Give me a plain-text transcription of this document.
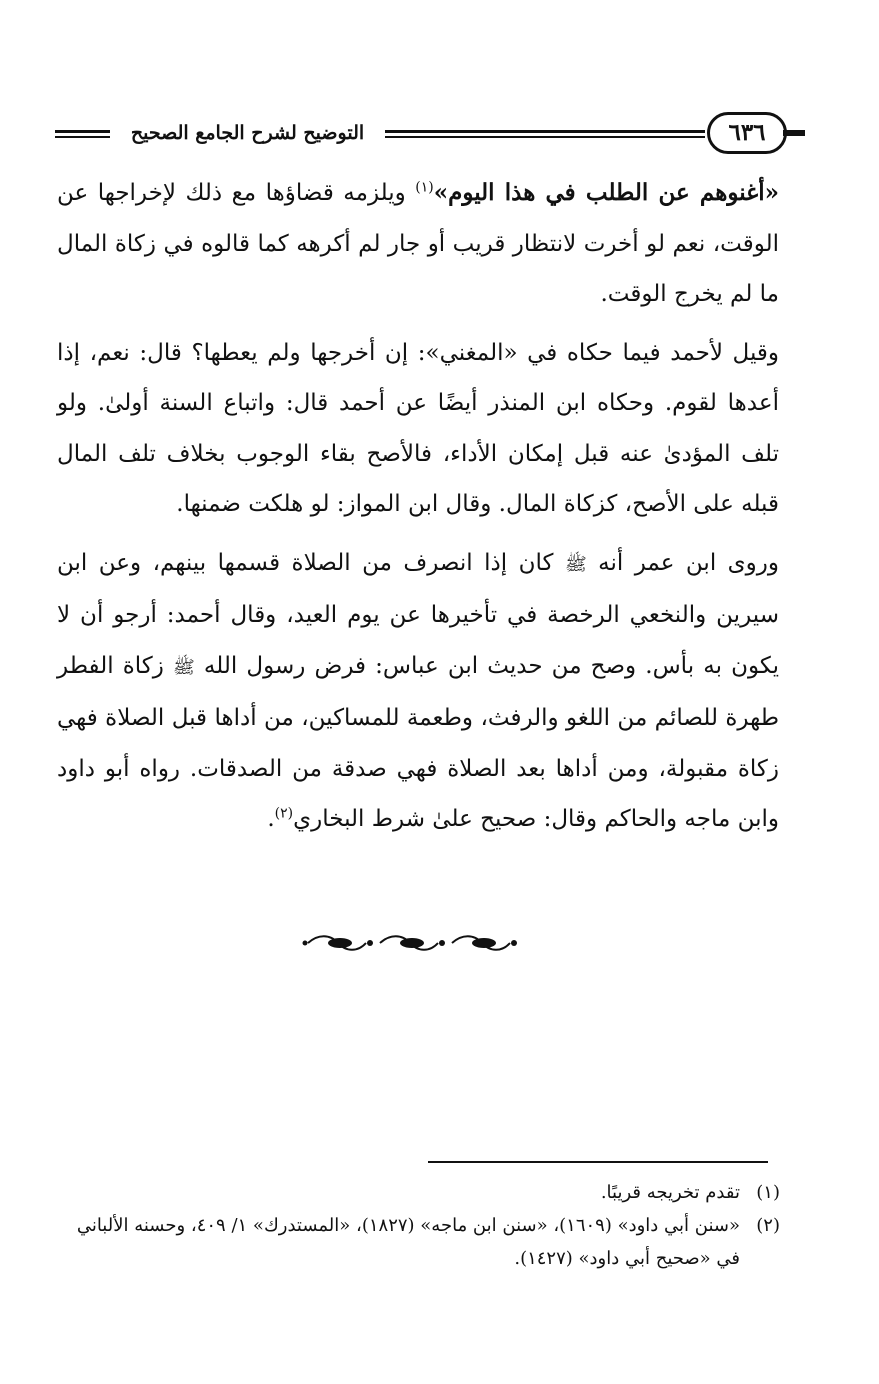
التوضيح لشرح الجامع الصحيح	٦٣٦

«أغنوهم عن الطلب في هذا اليوم»$^{(١)}$ ويلزمه قضاؤها مع ذلك لإخراجها عن الوقت، نعم لو أخرت لانتظار قريب أو جار لم أكرهه كما قالوه في زكاة المال ما لم يخرج الوقت.

وقيل لأحمد فيما حكاه في «المغني»: إن أخرجها ولم يعطها؟ قال: نعم، إذا أعدها لقوم. وحكاه ابن المنذر أيضًا عن أحمد قال: واتباع السنة أولىٰ. ولو تلف المؤدىٰ عنه قبل إمكان الأداء، فالأصح بقاء الوجوب بخلاف تلف المال قبله على الأصح، كزكاة المال. وقال ابن المواز: لو هلكت ضمنها.

وروى ابن عمر أنه ﷺ كان إذا انصرف من الصلاة قسمها بينهم، وعن ابن سيرين والنخعي الرخصة في تأخيرها عن يوم العيد، وقال أحمد: أرجو أن لا يكون به بأس. وصح من حديث ابن عباس: فرض رسول الله ﷺ زكاة الفطر طهرة للصائم من اللغو والرفث، وطعمة للمساكين، من أداها قبل الصلاة فهي زكاة مقبولة، ومن أداها بعد الصلاة فهي صدقة من الصدقات. رواه أبو داود وابن ماجه والحاكم وقال: صحيح علىٰ شرط البخاري$^{(٢)}$.

(١)
تقدم تخريجه قريبًا.

(٢)
«سنن أبي داود» (١٦٠٩)، «سنن ابن ماجه» (١٨٢٧)، «المستدرك» ١/ ٤٠٩، وحسنه الألباني في «صحيح أبي داود» (١٤٢٧).
